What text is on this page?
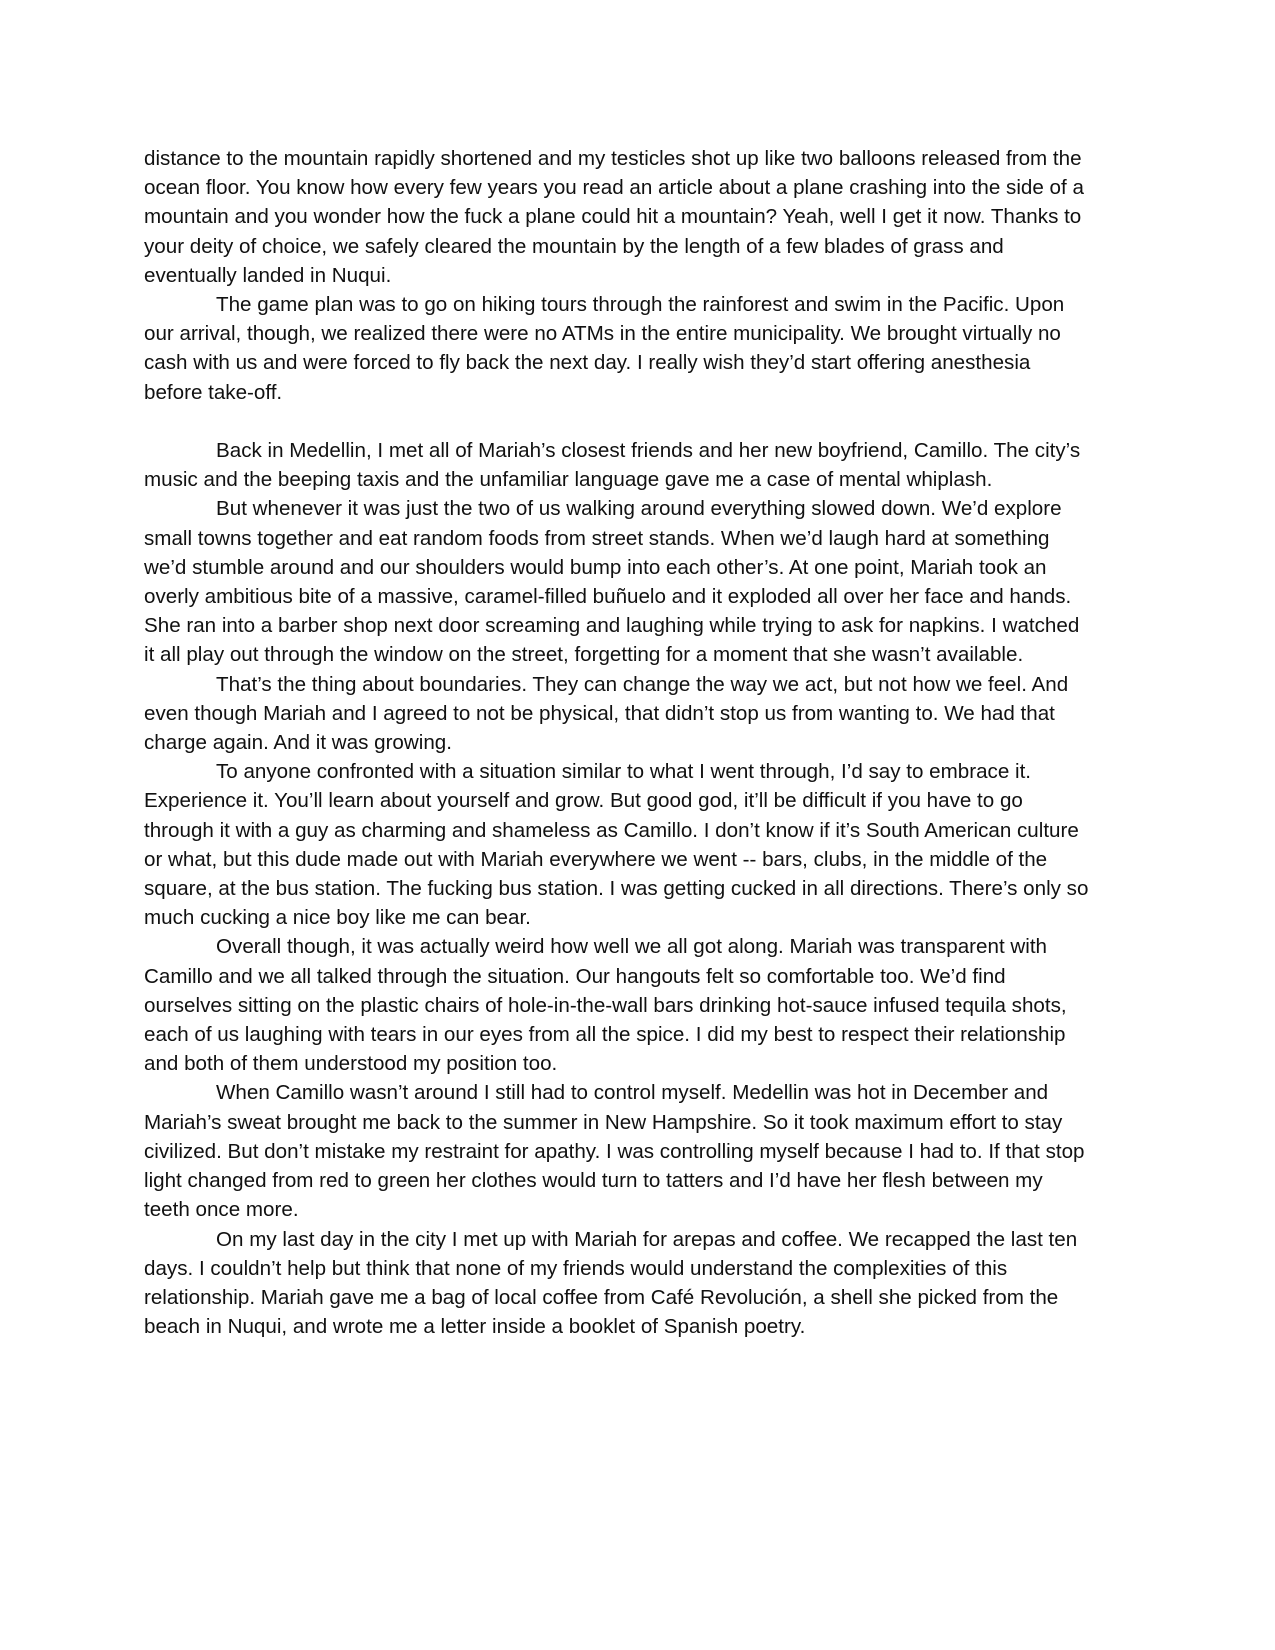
distance to the mountain rapidly shortened and my testicles shot up like two balloons released from the ocean floor. You know how every few years you read an article about a plane crashing into the side of a mountain and you wonder how the fuck a plane could hit a mountain? Yeah, well I get it now. Thanks to your deity of choice, we safely cleared the mountain by the length of a few blades of grass and eventually landed in Nuqui.

The game plan was to go on hiking tours through the rainforest and swim in the Pacific. Upon our arrival, though, we realized there were no ATMs in the entire municipality. We brought virtually no cash with us and were forced to fly back the next day. I really wish they’d start offering anesthesia before take-off.

Back in Medellin, I met all of Mariah’s closest friends and her new boyfriend, Camillo. The city’s music and the beeping taxis and the unfamiliar language gave me a case of mental whiplash.

But whenever it was just the two of us walking around everything slowed down. We’d explore small towns together and eat random foods from street stands. When we’d laugh hard at something we’d stumble around and our shoulders would bump into each other’s. At one point, Mariah took an overly ambitious bite of a massive, caramel-filled buñuelo and it exploded all over her face and hands. She ran into a barber shop next door screaming and laughing while trying to ask for napkins. I watched it all play out through the window on the street, forgetting for a moment that she wasn’t available.

That’s the thing about boundaries. They can change the way we act, but not how we feel. And even though Mariah and I agreed to not be physical, that didn’t stop us from wanting to. We had that charge again. And it was growing.

To anyone confronted with a situation similar to what I went through, I’d say to embrace it. Experience it. You’ll learn about yourself and grow. But good god, it’ll be difficult if you have to go through it with a guy as charming and shameless as Camillo. I don’t know if it’s South American culture or what, but this dude made out with Mariah everywhere we went -- bars, clubs, in the middle of the square, at the bus station. The fucking bus station. I was getting cucked in all directions. There’s only so much cucking a nice boy like me can bear.

Overall though, it was actually weird how well we all got along. Mariah was transparent with Camillo and we all talked through the situation. Our hangouts felt so comfortable too. We’d find ourselves sitting on the plastic chairs of hole-in-the-wall bars drinking hot-sauce infused tequila shots, each of us laughing with tears in our eyes from all the spice. I did my best to respect their relationship and both of them understood my position too.

When Camillo wasn’t around I still had to control myself. Medellin was hot in December and Mariah’s sweat brought me back to the summer in New Hampshire. So it took maximum effort to stay civilized. But don’t mistake my restraint for apathy. I was controlling myself because I had to. If that stop light changed from red to green her clothes would turn to tatters and I’d have her flesh between my teeth once more.

On my last day in the city I met up with Mariah for arepas and coffee. We recapped the last ten days. I couldn’t help but think that none of my friends would understand the complexities of this relationship. Mariah gave me a bag of local coffee from Café Revolución, a shell she picked from the beach in Nuqui, and wrote me a letter inside a booklet of Spanish poetry.
